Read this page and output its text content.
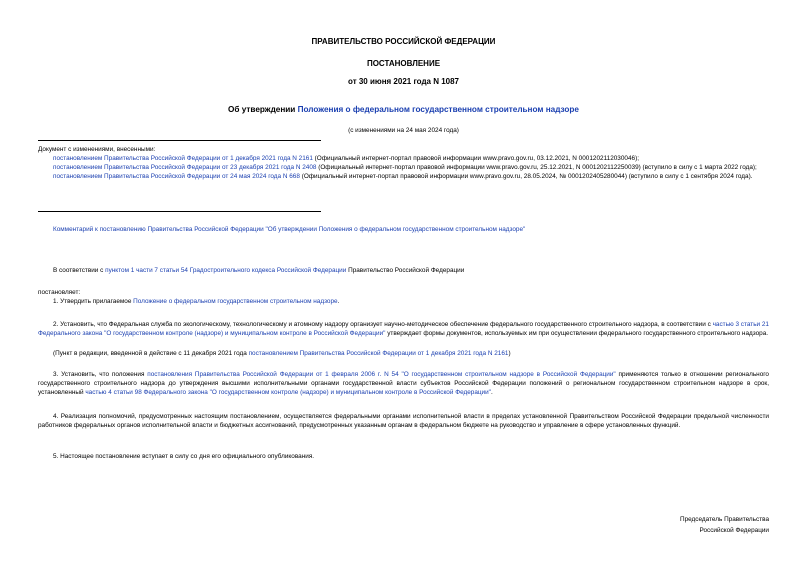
ПРАВИТЕЛЬСТВО РОССИЙСКОЙ ФЕДЕРАЦИИ
ПОСТАНОВЛЕНИЕ
от 30 июня 2021 года N 1087
Об утверждении Положения о федеральном государственном строительном надзоре
(с изменениями на 24 мая 2024 года)

Документ с изменениями, внесенными:

постановлением Правительства Российской Федерации от 1 декабря 2021 года N 2161 (Официальный интернет-портал правовой информации www.pravo.gov.ru, 03.12.2021, N 0001202112030046);

постановлением Правительства Российской Федерации от 23 декабря 2021 года N 2408 (Официальный интернет-портал правовой информации www.pravo.gov.ru, 25.12.2021, N 0001202112250039) (вступило в силу с 1 марта 2022 года);

постановлением Правительства Российской Федерации от 24 мая 2024 года N 668 (Официальный интернет-портал правовой информации www.pravo.gov.ru, 28.05.2024, № 0001202405280044) (вступило в силу с 1 сентября 2024 года).

Комментарий к постановлению Правительства Российской Федерации "Об утверждении Положения о федеральном государственном строительном надзоре"
В соответствии с пунктом 1 части 7 статьи 54 Градостроительного кодекса Российской Федерации Правительство Российской Федерации
постановляет:
1. Утвердить прилагаемое Положение о федеральном государственном строительном надзоре.
2. Установить, что Федеральная служба по экологическому, технологическому и атомному надзору организует научно-методическое обеспечение федерального государственного строительного надзора, в соответствии с частью 3 статьи 21 Федерального закона "О государственном контроле (надзоре) и муниципальном контроле в Российской Федерации" утверждает формы документов, используемых им при осуществлении федерального государственного строительного надзора.
(Пункт в редакции, введенной в действие с 11 декабря 2021 года постановлением Правительства Российской Федерации от 1 декабря 2021 года N 2161)
3. Установить, что положения постановления Правительства Российской Федерации от 1 февраля 2006 г. N 54 "О государственном строительном надзоре в Российской Федерации" применяются только в отношении регионального государственного строительного надзора до утверждения высшими исполнительными органами государственной власти субъектов Российской Федерации положений о региональном государственном строительном надзоре в срок, установленный частью 4 статьи 98 Федерального закона "О государственном контроле (надзоре) и муниципальном контроле в Российской Федерации".
4. Реализация полномочий, предусмотренных настоящим постановлением, осуществляется федеральными органами исполнительной власти в пределах установленной Правительством Российской Федерации предельной численности работников федеральных органов исполнительной власти и бюджетных ассигнований, предусмотренных указанным органам в федеральном бюджете на руководство и управление в сфере установленных функций.
5. Настоящее постановление вступает в силу со дня его официального опубликования.
Председатель Правительства
Российской Федерации
